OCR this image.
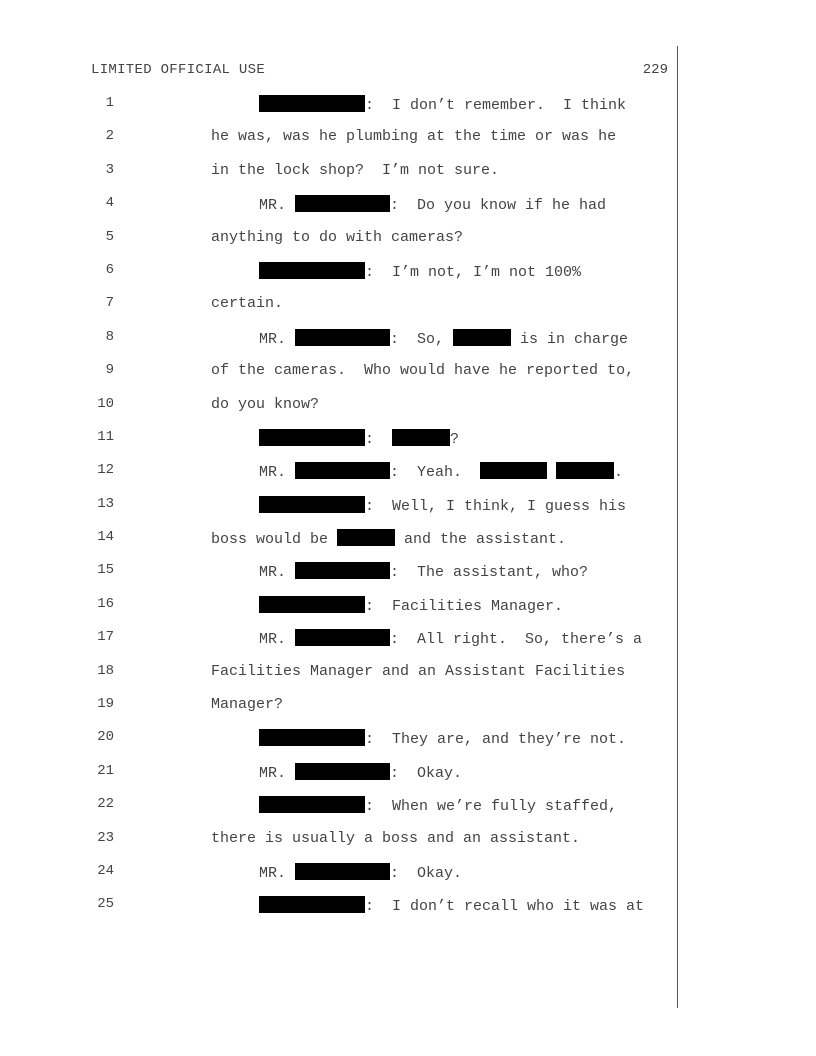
LIMITED OFFICIAL USE	229
1	:  I don’t remember.  I think
2	he was, was he plumbing at the time or was he
3	in the lock shop?  I’m not sure.
4	MR.	:  Do you know if he had
5	anything to do with cameras?
6	:  I’m not, I’m not 100%
7	certain.
8	MR.	:  So,	is in charge
9	of the cameras.  Who would have he reported to,
10	do you know?
11	:	?
12	MR.	:  Yeah.	.
13	:  Well, I think, I guess his
14	boss would be	and the assistant.
15	MR.	:  The assistant, who?
16	:  Facilities Manager.
17	MR.	:  All right.  So, there’s a
18	Facilities Manager and an Assistant Facilities
19	Manager?
20	:  They are, and they’re not.
21	MR.	:  Okay.
22	:  When we’re fully staffed,
23	there is usually a boss and an assistant.
24	MR.	:  Okay.
25	:  I don’t recall who it was at
